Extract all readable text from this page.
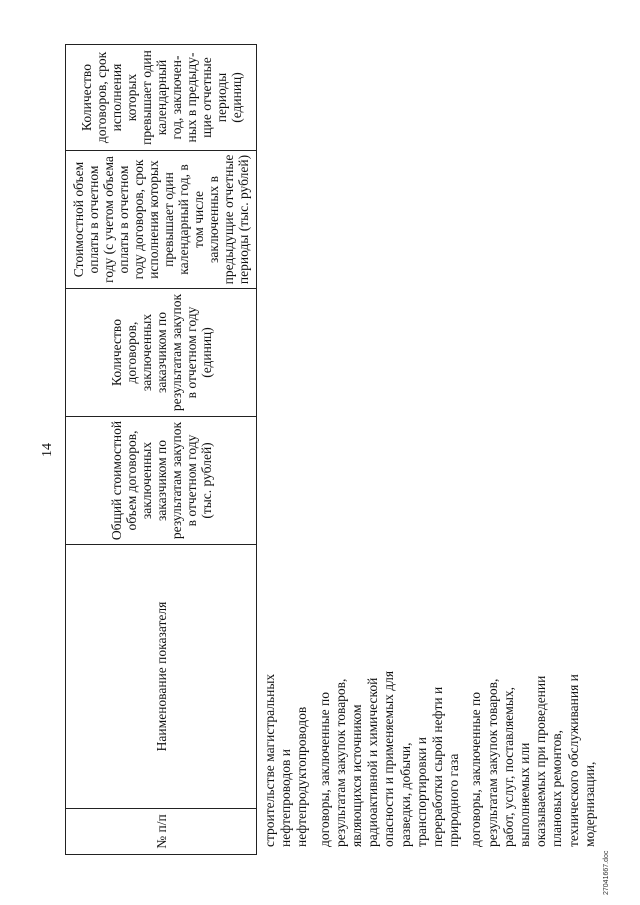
14
№ п/п	Наименование показателя	Общий стоимостной объем договоров, заключенных заказчиком по результатам закупок в отчетном году (тыс. рублей)	Количество договоров, заключенных заказчиком по результатам закупок в отчетном году (единиц)	Стоимостной объем оплаты в отчетном году (с учетом объема оплаты в отчетном году договоров, срок исполнения которых превышает один календарный год, в том числе заключенных в предыдущие отчетные периоды (тыс. рублей)	Количество договоров, срок исполнения которых превышает один календарный год, заключен-ных в предыду-щие отчетные периоды (единиц)

строительстве магистральных нефтепроводов и нефтепродуктопроводов договоры, заключенные по результатам закупок товаров, являющихся источником радиоактивной и химической опасности и применяемых для разведки, добычи, транспортировки и переработки сырой нефти и природного газа договоры, заключенные по результатам закупок товаров, работ, услуг, поставляемых, выполняемых или оказываемых при проведении плановых ремонтов, технического обслуживания и модернизации,

27041667.doc
